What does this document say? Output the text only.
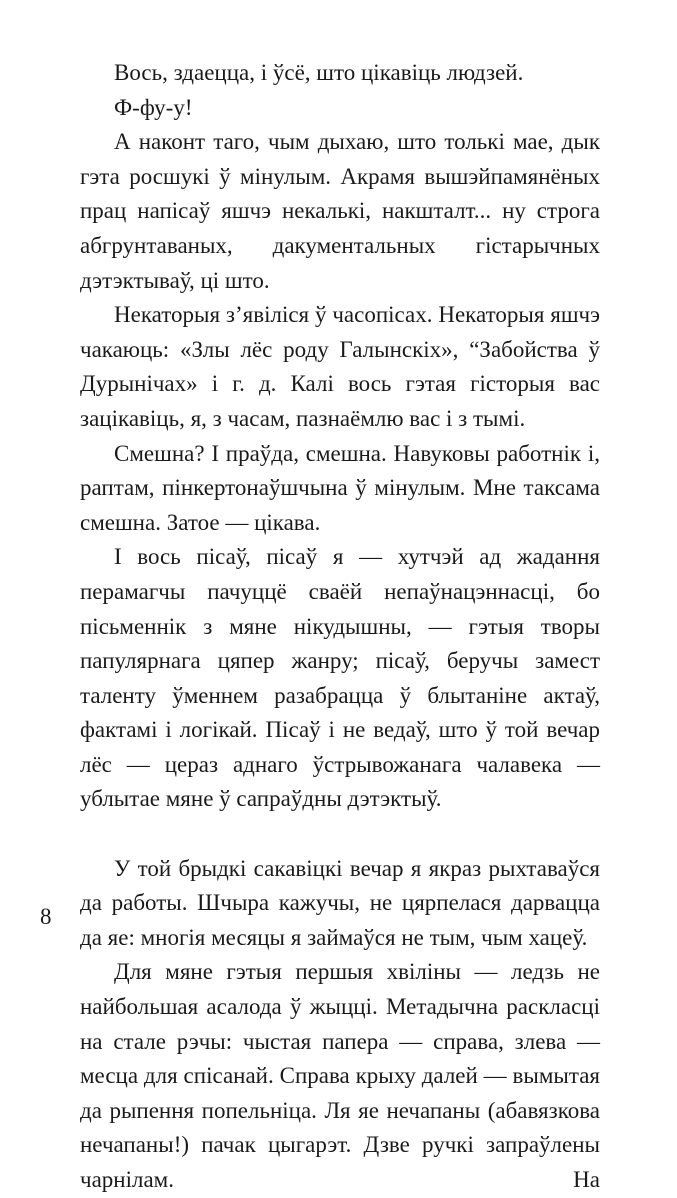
Вось, здаецца, і ўсё, што цікавіць людзей.

Ф-фу-у!

А наконт таго, чым дыхаю, што толькі мае, дык гэта росшукі ў мінулым. Акрамя вышэйпамянёных прац напісаў яшчэ некалькі, накшталт... ну строга абгрунтаваных, дакументальных гістарычных дэтэктываў, ці што.

Некаторыя з’явіліся ў часопісах. Некаторыя яшчэ чакаюць: «Злы лёс роду Галынскіх», “Забойства ў Дурынічах» і г. д. Калі вось гэтая гісторыя вас зацікавіць, я, з часам, пазнаёмлю вас і з тымі.

Смешна? І праўда, смешна. Навуковы работнік і, раптам, пінкертонаўшчына ў мінулым. Мне таксама смешна. Затое — цікава.

І вось пісаў, пісаў я — хутчэй ад жадання перамагчы пачуццё сваёй непаўнацэннасці, бо пісьменнік з мяне нікудышны, — гэтыя творы папулярнага цяпер жанру; пісаў, беручы замест таленту ўменнем разабрацца ў блытаніне актаў, фактамі і логікай. Пісаў і не ведаў, што ў той вечар лёс — цераз аднаго ўстрывожанага чалавека — ублытае мяне ў сапраўдны дэтэктыў.

У той брыдкі сакавіцкі вечар я якраз рыхтаваўся да работы. Шчыра кажучы, не цярпелася дарвацца да яе: многія месяцы я займаўся не тым, чым хацеў.

Для мяне гэтыя першыя хвіліны — ледзь не найбольшая асалода ў жыцці. Метадычна раскласці на стале рэчы: чыстая папера — справа, злева — месца для спісанай. Справа крыху далей — вымытая да рыпення попельніца. Ля яе нечапаны (абавязкова нечапаны!) пачак цыгарэт. Дзве ручкі запраўлены чарнілам. На

8
